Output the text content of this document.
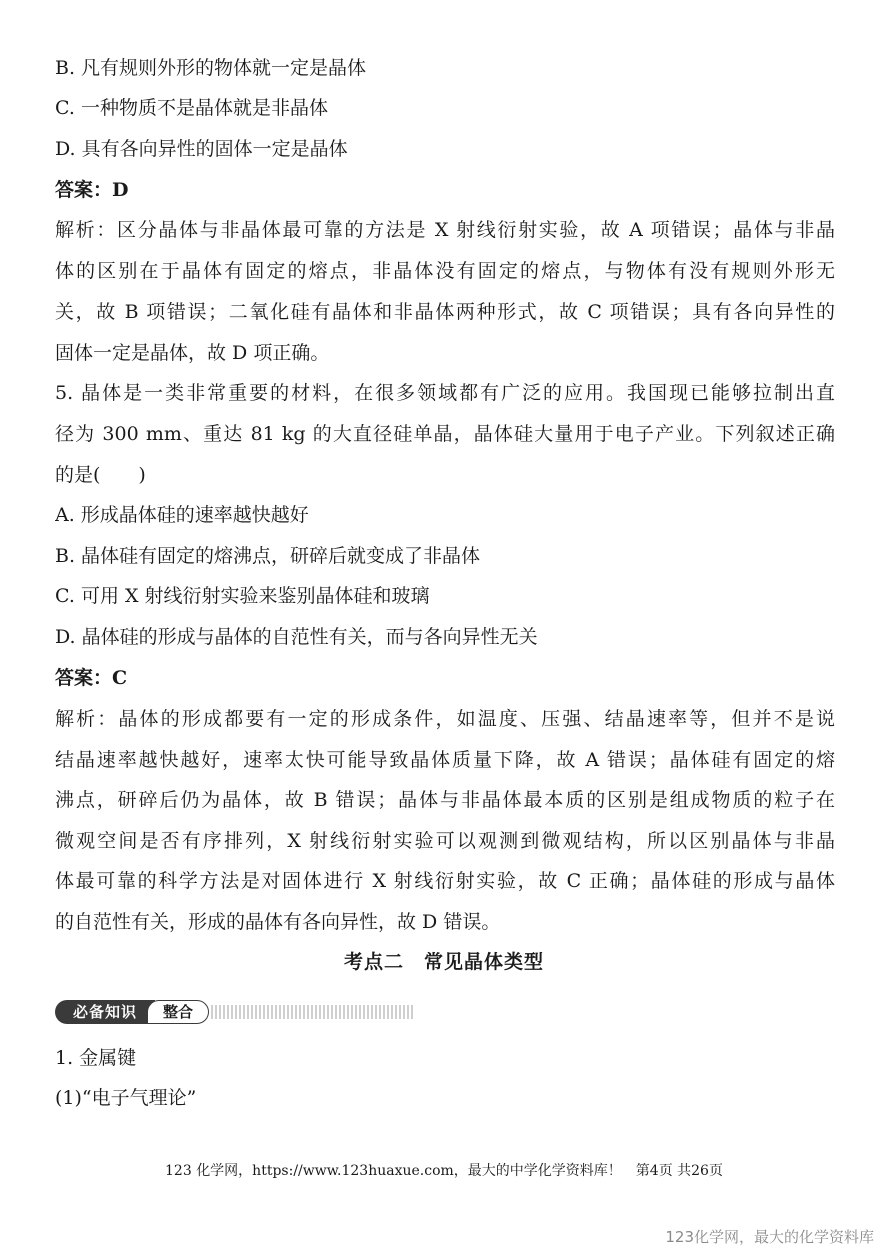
B. 凡有规则外形的物体就一定是晶体
C. 一种物质不是晶体就是非晶体
D. 具有各向异性的固体一定是晶体
答案：D
解析：区分晶体与非晶体最可靠的方法是 X 射线衍射实验，故 A 项错误；晶体与非晶
体的区别在于晶体有固定的熔点，非晶体没有固定的熔点，与物体有没有规则外形无
关，故 B 项错误；二氧化硅有晶体和非晶体两种形式，故 C 项错误；具有各向异性的
固体一定是晶体，故 D 项正确。
5. 晶体是一类非常重要的材料，在很多领域都有广泛的应用。我国现已能够拉制出直
径为 300 mm、重达 81 kg 的大直径硅单晶，晶体硅大量用于电子产业。下列叙述正确
的是(　　)
A. 形成晶体硅的速率越快越好
B. 晶体硅有固定的熔沸点，研碎后就变成了非晶体
C. 可用 X 射线衍射实验来鉴别晶体硅和玻璃
D. 晶体硅的形成与晶体的自范性有关，而与各向异性无关
答案：C
解析：晶体的形成都要有一定的形成条件，如温度、压强、结晶速率等，但并不是说
结晶速率越快越好，速率太快可能导致晶体质量下降，故 A 错误；晶体硅有固定的熔
沸点，研碎后仍为晶体，故 B 错误；晶体与非晶体最本质的区别是组成物质的粒子在
微观空间是否有序排列，X 射线衍射实验可以观测到微观结构，所以区别晶体与非晶
体最可靠的科学方法是对固体进行 X 射线衍射实验，故 C 正确；晶体硅的形成与晶体
的自范性有关，形成的晶体有各向异性，故 D 错误。
考点二　常见晶体类型
必备知识	整合
1. 金属键
(1)“电子气理论”
123 化学网，https://www.123huaxue.com，最大的中学化学资料库！　第4页 共26页
123化学网，最大的化学资料库
